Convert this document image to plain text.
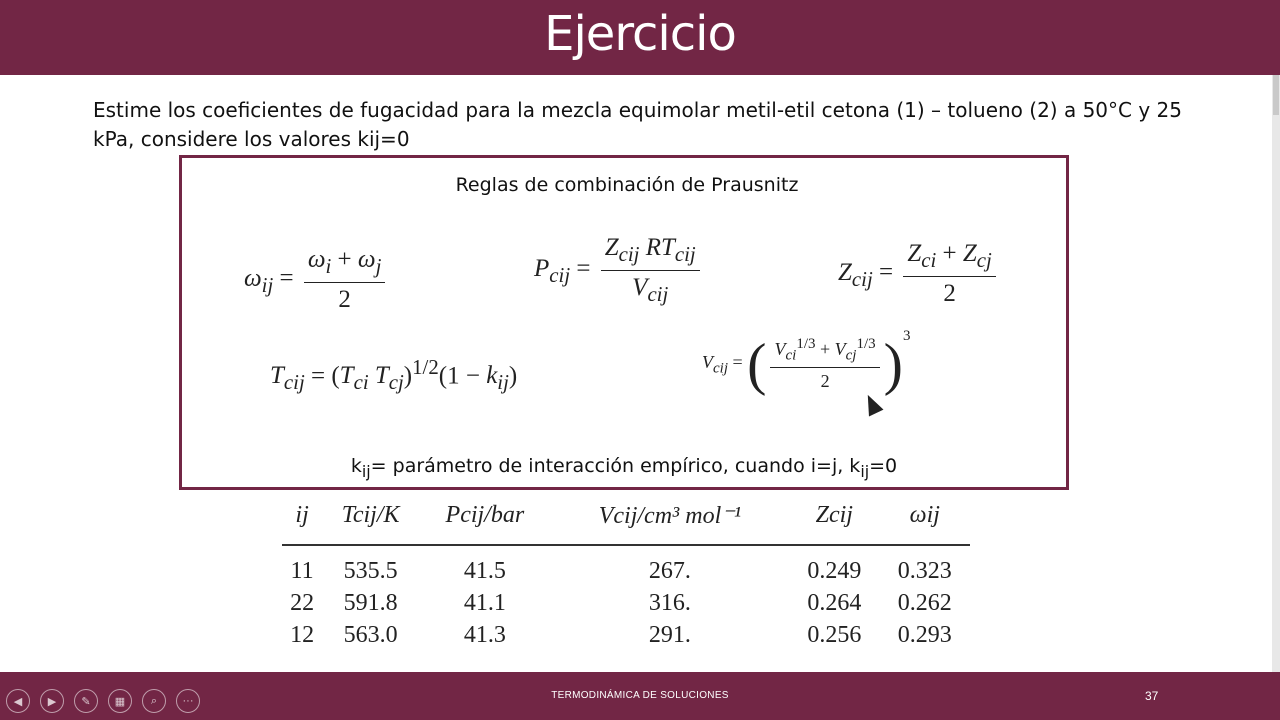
Ejercicio
Estime los coeficientes de fugacidad para la mezcla equimolar metil-etil cetona (1) – tolueno (2) a 50°C y 25 kPa, considere los valores kij=0
Reglas de combinación de Prausnitz
$\omega_{ij} = \frac{\omega_i + \omega_j}{2}$	$P_{cij} = \frac{Z_{cij} RT_{cij}}{V_{cij}}$	$Z_{cij} = \frac{Z_{ci} + Z_{cj}}{2}$
$T_{cij} = (T_{ci}$ $T_{cj})^{1/2}(1 - k_{ij})$
$V_{cij}$ = ( $\frac{V_{ci}^{1/3} + V_{cj}^{1/3}}{2} )^3$
$k_{ij}=$ parámetro de interacción empírico, cuando i=j, $k_{ij}=0$
ij	Tcij/K	Pcij/bar	Vcij/cm³ mol⁻¹	Zcij	ωij
11	535.5	41.5	267.	0.249	0.323
22	591.8	41.1	316.	0.264	0.262
12	563.0	41.3	291.	0.256	0.293
◀	▶	✎	▦	⌕	···	TERMODINÁMICA DE SOLUCIONES	37
